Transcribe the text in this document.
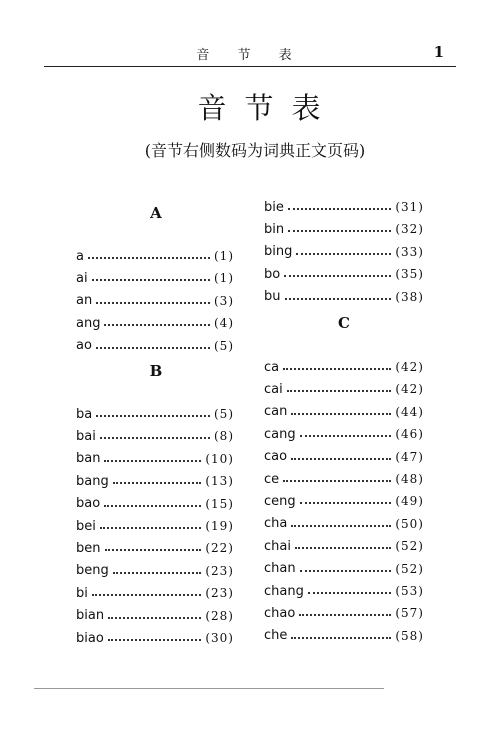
音 节 表	1
音节表
(音节右侧数码为词典正文页码)
A
a	(1)
ai	(1)
an	(3)
ang	(4)
ao	(5)
B
ba	(5)
bai	(8)
ban	(10)
bang	(13)
bao	(15)
bei	(19)
ben	(22)
beng	(23)
bi	(23)
bian	(28)
biao	(30)
bie	(31)
bin	(32)
bing	(33)
bo	(35)
bu	(38)
C
ca	(42)
cai	(42)
can	(44)
cang	(46)
cao	(47)
ce	(48)
ceng	(49)
cha	(50)
chai	(52)
chan	(52)
chang	(53)
chao	(57)
che	(58)
